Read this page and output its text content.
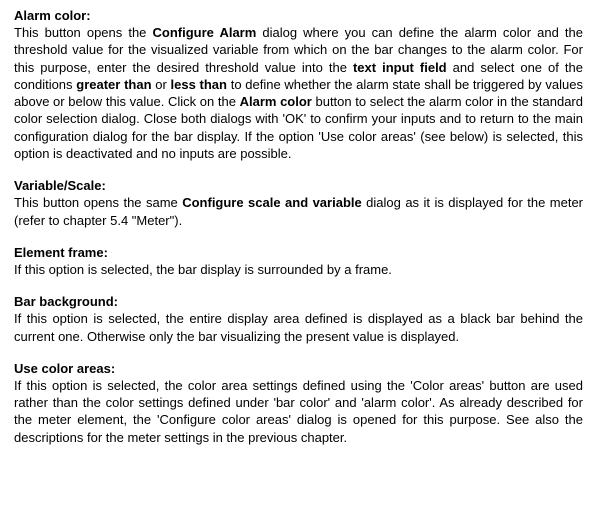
Alarm color:

This button opens the Configure Alarm dialog where you can define the alarm color and the threshold value for the visualized variable from which on the bar changes to the alarm color. For this purpose, enter the desired threshold value into the text input field and select one of the conditions greater than or less than to define whether the alarm state shall be triggered by values above or below this value. Click on the Alarm color button to select the alarm color in the standard color selection dialog. Close both dialogs with 'OK' to confirm your inputs and to return to the main configuration dialog for the bar display. If the option 'Use color areas' (see below) is selected, this option is deactivated and no inputs are possible.

Variable/Scale:

This button opens the same Configure scale and variable dialog as it is displayed for the meter (refer to chapter 5.4 "Meter").

Element frame:

If this option is selected, the bar display is surrounded by a frame.

Bar background:

If this option is selected, the entire display area defined is displayed as a black bar behind the current one. Otherwise only the bar visualizing the present value is displayed.

Use color areas:

If this option is selected, the color area settings defined using the 'Color areas' button are used rather than the color settings defined under 'bar color' and 'alarm color'. As already described for the meter element, the 'Configure color areas' dialog is opened for this purpose. See also the descriptions for the meter settings in the previous chapter.
